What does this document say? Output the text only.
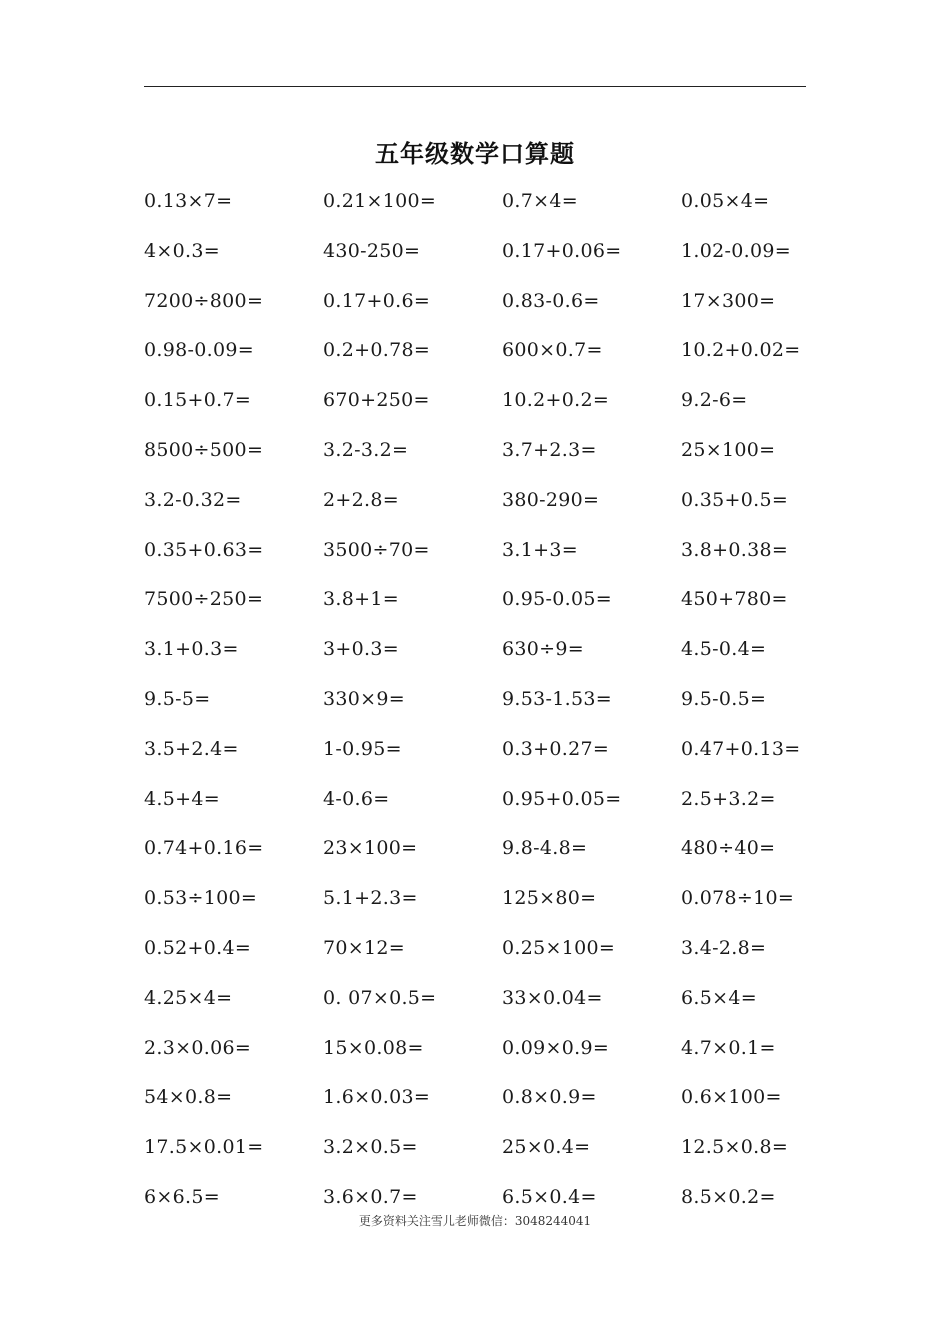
五年级数学口算题
0.13×7=	0.21×100=	0.7×4=	0.05×4=
4×0.3=	430-250=	0.17+0.06=	1.02-0.09=
7200÷800=	0.17+0.6=	0.83-0.6=	17×300=
0.98-0.09=	0.2+0.78=	600×0.7=	10.2+0.02=
0.15+0.7=	670+250=	10.2+0.2=	9.2-6=
8500÷500=	3.2-3.2=	3.7+2.3=	25×100=
3.2-0.32=	2+2.8=	380-290=	0.35+0.5=
0.35+0.63=	3500÷70=	3.1+3=	3.8+0.38=
7500÷250=	3.8+1=	0.95-0.05=	450+780=
3.1+0.3=	3+0.3=	630÷9=	4.5-0.4=
9.5-5=	330×9=	9.53-1.53=	9.5-0.5=
3.5+2.4=	1-0.95=	0.3+0.27=	0.47+0.13=
4.5+4=	4-0.6=	0.95+0.05=	2.5+3.2=
0.74+0.16=	23×100=	9.8-4.8=	480÷40=
0.53÷100=	5.1+2.3=	125×80=	0.078÷10=
0.52+0.4=	70×12=	0.25×100=	3.4-2.8=
4.25×4=	0. 07×0.5=	33×0.04=	6.5×4=
2.3×0.06=	15×0.08=	0.09×0.9=	4.7×0.1=
54×0.8=	1.6×0.03=	0.8×0.9=	0.6×100=
17.5×0.01=	3.2×0.5=	25×0.4=	12.5×0.8=
6×6.5=	3.6×0.7=	6.5×0.4=	8.5×0.2=
更多资料关注雪儿老师微信：3048244041
